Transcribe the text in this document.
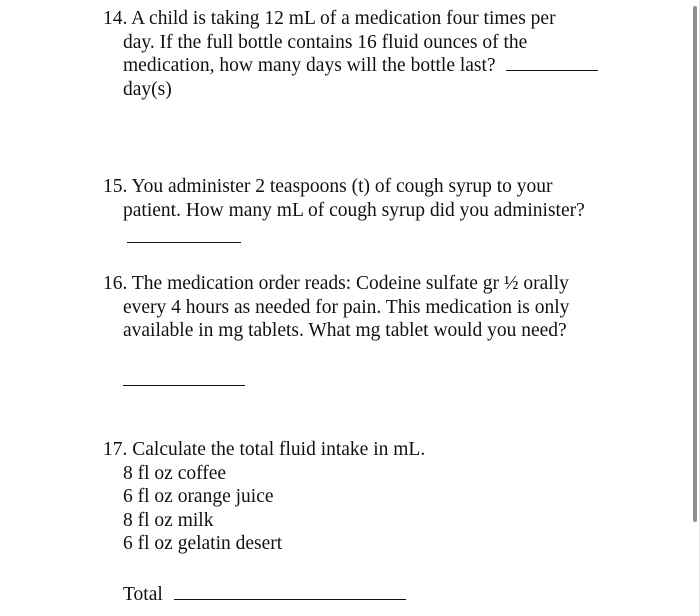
14. A child is taking 12 mL of a medication four times per
day. If the full bottle contains 16 fluid ounces of the
medication, how many days will the bottle last?
day(s)
15. You administer 2 teaspoons (t) of cough syrup to your
patient. How many mL of cough syrup did you administer?
16. The medication order reads: Codeine sulfate gr ½ orally
every 4 hours as needed for pain. This medication is only
available in mg tablets. What mg tablet would you need?
17. Calculate the total fluid intake in mL.
8 fl oz coffee
6 fl oz orange juice
8 fl oz milk
6 fl oz gelatin desert
Total
